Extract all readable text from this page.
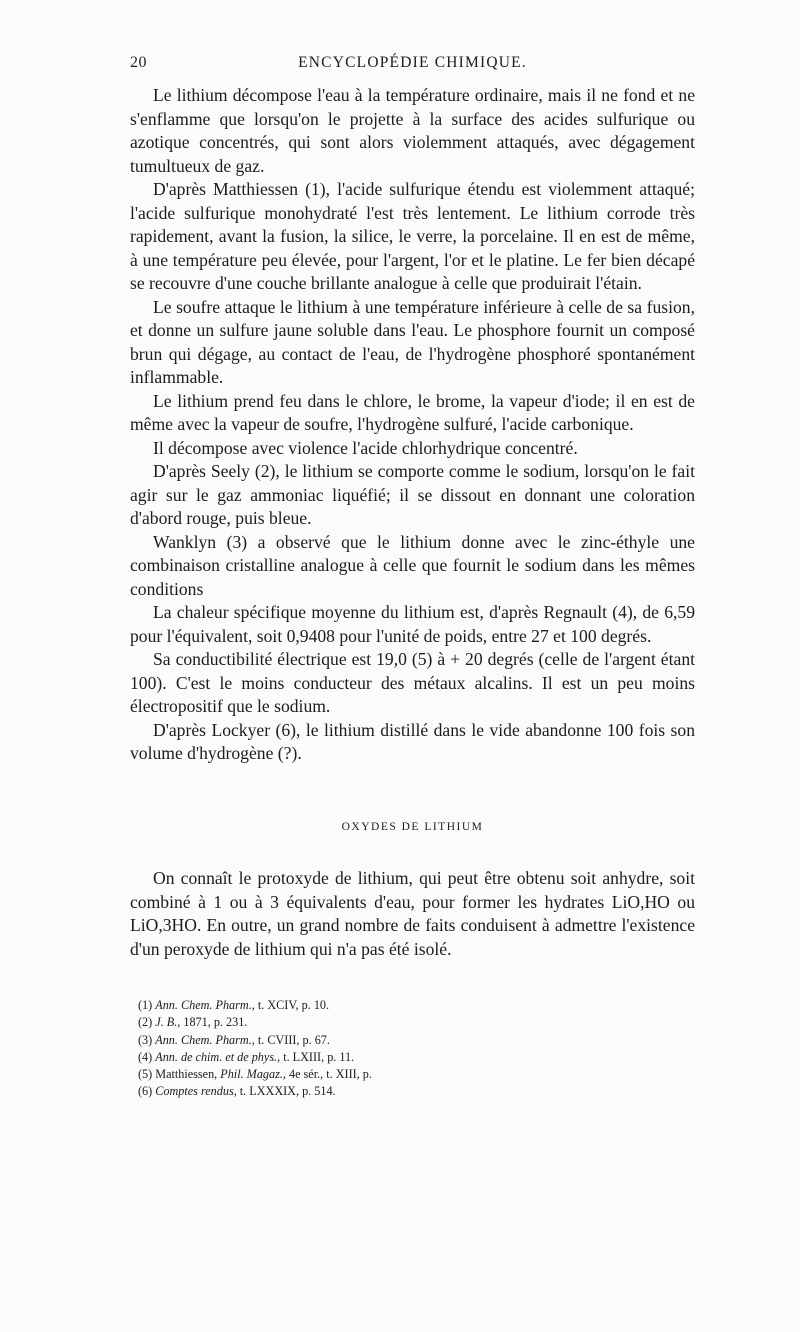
20	ENCYCLOPÉDIE CHIMIQUE.

Le lithium décompose l'eau à la température ordinaire, mais il ne fond et ne s'enflamme que lorsqu'on le projette à la surface des acides sulfurique ou azotique concentrés, qui sont alors violemment attaqués, avec dégagement tumultueux de gaz.

D'après Matthiessen (1), l'acide sulfurique étendu est violemment attaqué; l'acide sulfurique monohydraté l'est très lentement. Le lithium corrode très rapidement, avant la fusion, la silice, le verre, la porcelaine. Il en est de même, à une température peu élevée, pour l'argent, l'or et le platine. Le fer bien décapé se recouvre d'une couche brillante analogue à celle que produirait l'étain.

Le soufre attaque le lithium à une température inférieure à celle de sa fusion, et donne un sulfure jaune soluble dans l'eau. Le phosphore fournit un composé brun qui dégage, au contact de l'eau, de l'hydrogène phosphoré spontanément inflammable.

Le lithium prend feu dans le chlore, le brome, la vapeur d'iode; il en est de même avec la vapeur de soufre, l'hydrogène sulfuré, l'acide carbonique.

Il décompose avec violence l'acide chlorhydrique concentré.

D'après Seely (2), le lithium se comporte comme le sodium, lorsqu'on le fait agir sur le gaz ammoniac liquéfié; il se dissout en donnant une coloration d'abord rouge, puis bleue.

Wanklyn (3) a observé que le lithium donne avec le zinc-éthyle une combinaison cristalline analogue à celle que fournit le sodium dans les mêmes conditions

La chaleur spécifique moyenne du lithium est, d'après Regnault (4), de 6,59 pour l'équivalent, soit 0,9408 pour l'unité de poids, entre 27 et 100 degrés.

Sa conductibilité électrique est 19,0 (5) à + 20 degrés (celle de l'argent étant 100). C'est le moins conducteur des métaux alcalins. Il est un peu moins électropositif que le sodium.

D'après Lockyer (6), le lithium distillé dans le vide abandonne 100 fois son volume d'hydrogène (?).

OXYDES DE LITHIUM

On connaît le protoxyde de lithium, qui peut être obtenu soit anhydre, soit combiné à 1 ou à 3 équivalents d'eau, pour former les hydrates LiO,HO ou LiO,3HO. En outre, un grand nombre de faits conduisent à admettre l'existence d'un peroxyde de lithium qui n'a pas été isolé.

(1) Ann. Chem. Pharm., t. XCIV, p. 10.
(2) J. B., 1871, p. 231.
(3) Ann. Chem. Pharm., t. CVIII, p. 67.
(4) Ann. de chim. et de phys., t. LXIII, p. 11.
(5) Matthiessen, Phil. Magaz., 4e sér., t. XIII, p.
(6) Comptes rendus, t. LXXXIX, p. 514.
